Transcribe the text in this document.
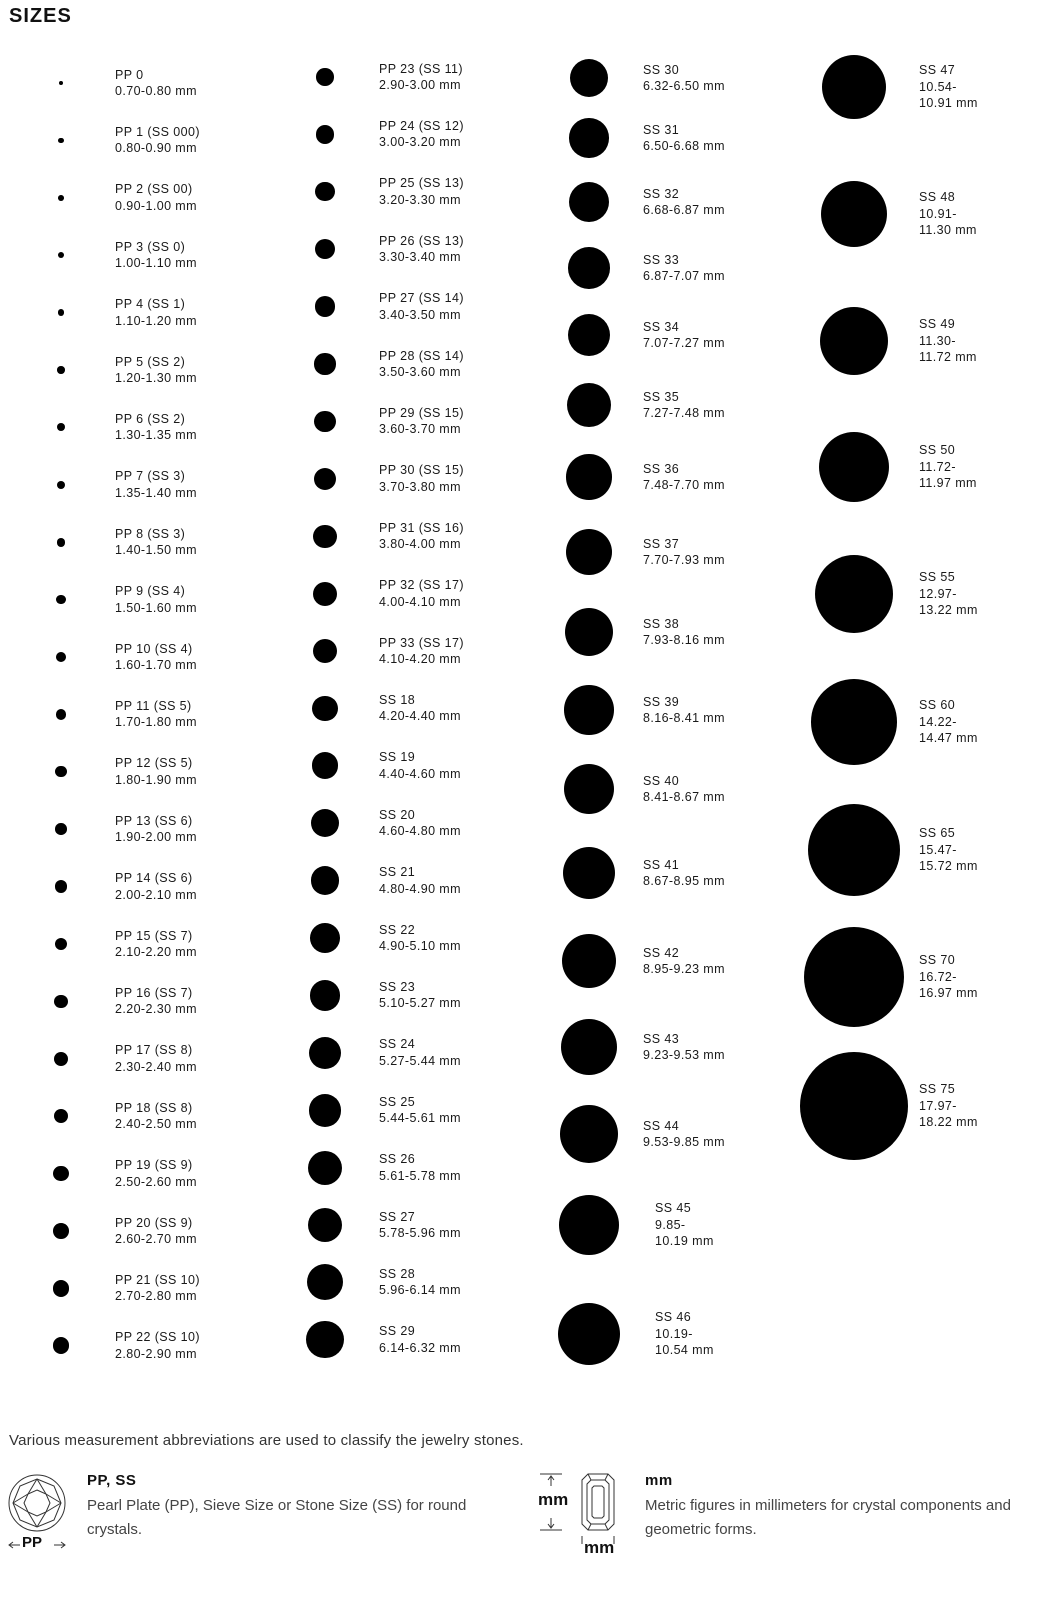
SIZES
PP 0
0.70-0.80 mm
PP 1 (SS 000)
0.80-0.90 mm
PP 2 (SS 00)
0.90-1.00 mm
PP 3 (SS 0)
1.00-1.10 mm
PP 4 (SS 1)
1.10-1.20 mm
PP 5 (SS 2)
1.20-1.30 mm
PP 6 (SS 2)
1.30-1.35 mm
PP 7 (SS 3)
1.35-1.40 mm
PP 8 (SS 3)
1.40-1.50 mm
PP 9 (SS 4)
1.50-1.60 mm
PP 10 (SS 4)
1.60-1.70 mm
PP 11 (SS 5)
1.70-1.80 mm
PP 12 (SS 5)
1.80-1.90 mm
PP 13 (SS 6)
1.90-2.00 mm
PP 14 (SS 6)
2.00-2.10 mm
PP 15 (SS 7)
2.10-2.20 mm
PP 16 (SS 7)
2.20-2.30 mm
PP 17 (SS 8)
2.30-2.40 mm
PP 18 (SS 8)
2.40-2.50 mm
PP 19 (SS 9)
2.50-2.60 mm
PP 20 (SS 9)
2.60-2.70 mm
PP 21 (SS 10)
2.70-2.80 mm
PP 22 (SS 10)
2.80-2.90 mm
PP 23 (SS 11)
2.90-3.00 mm
PP 24 (SS 12)
3.00-3.20 mm
PP 25 (SS 13)
3.20-3.30 mm
PP 26 (SS 13)
3.30-3.40 mm
PP 27 (SS 14)
3.40-3.50 mm
PP 28 (SS 14)
3.50-3.60 mm
PP 29 (SS 15)
3.60-3.70 mm
PP 30 (SS 15)
3.70-3.80 mm
PP 31 (SS 16)
3.80-4.00 mm
PP 32 (SS 17)
4.00-4.10 mm
PP 33 (SS 17)
4.10-4.20 mm
SS 18
4.20-4.40 mm
SS 19
4.40-4.60 mm
SS 20
4.60-4.80 mm
SS 21
4.80-4.90 mm
SS 22
4.90-5.10 mm
SS 23
5.10-5.27 mm
SS 24
5.27-5.44 mm
SS 25
5.44-5.61 mm
SS 26
5.61-5.78 mm
SS 27
5.78-5.96 mm
SS 28
5.96-6.14 mm
SS 29
6.14-6.32 mm
SS 30
6.32-6.50 mm
SS 31
6.50-6.68 mm
SS 32
6.68-6.87 mm
SS 33
6.87-7.07 mm
SS 34
7.07-7.27 mm
SS 35
7.27-7.48 mm
SS 36
7.48-7.70 mm
SS 37
7.70-7.93 mm
SS 38
7.93-8.16 mm
SS 39
8.16-8.41 mm
SS 40
8.41-8.67 mm
SS 41
8.67-8.95 mm
SS 42
8.95-9.23 mm
SS 43
9.23-9.53 mm
SS 44
9.53-9.85 mm
SS 45
9.85-
10.19 mm
SS 46
10.19-
10.54 mm
SS 47
10.54-
10.91 mm
SS 48
10.91-
11.30 mm
SS 49
11.30-
11.72 mm
SS 50
11.72-
11.97 mm
SS 55
12.97-
13.22 mm
SS 60
14.22-
14.47 mm
SS 65
15.47-
15.72 mm
SS 70
16.72-
16.97 mm
SS 75
17.97-
18.22 mm
Various measurement abbreviations are used to classify the jewelry stones.
PP
PP, SS
Pearl Plate (PP), Sieve Size or Stone Size (SS) for round crystals.
mm
mm
mm
Metric figures in millimeters for crystal components and geometric forms.
